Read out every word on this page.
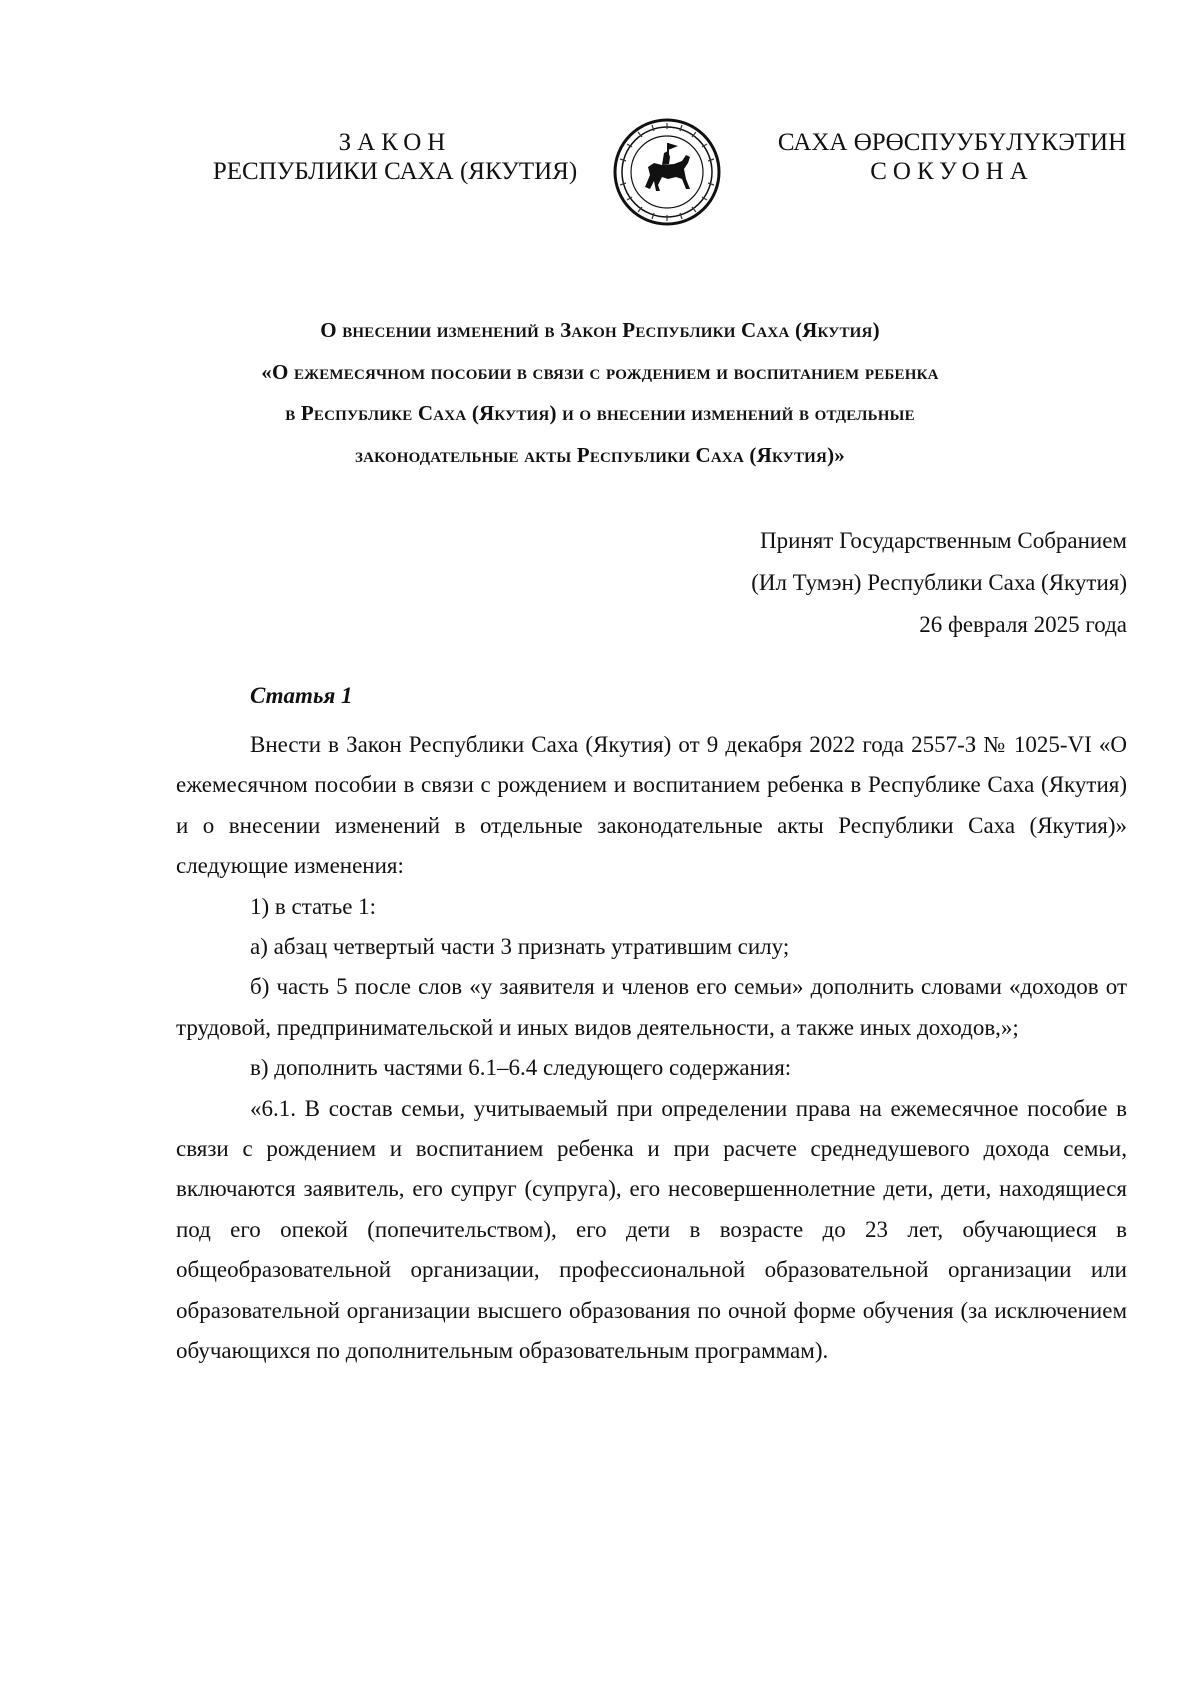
ЗАКОН
РЕСПУБЛИКИ САХА (ЯКУТИЯ)
САХА ӨРӨСПУУБҮЛҮКЭТИН
СОКУОНА
О внесении изменений в Закон Республики Саха (Якутия)
«О ежемесячном пособии в связи с рождением и воспитанием ребенка
в Республике Саха (Якутия) и о внесении изменений в отдельные
законодательные акты Республики Саха (Якутия)»
Принят Государственным Собранием
(Ил Тумэн) Республики Саха (Якутия)
26 февраля 2025 года
Статья 1

Внести в Закон Республики Саха (Якутия) от 9 декабря 2022 года 2557-З № 1025-VI «О ежемесячном пособии в связи с рождением и воспитанием ребенка в Республике Саха (Якутия) и о внесении изменений в отдельные законодательные акты Республики Саха (Якутия)» следующие изменения:

1) в статье 1:

а) абзац четвертый части 3 признать утратившим силу;

б) часть 5 после слов «у заявителя и членов его семьи» дополнить словами «доходов от трудовой, предпринимательской и иных видов деятельности, а также иных доходов,»;

в) дополнить частями 6.1–6.4 следующего содержания:

«6.1. В состав семьи, учитываемый при определении права на ежемесячное пособие в связи с рождением и воспитанием ребенка и при расчете среднедушевого дохода семьи, включаются заявитель, его супруг (супруга), его несовершеннолетние дети, дети, находящиеся под его опекой (попечительством), его дети в возрасте до 23 лет, обучающиеся в общеобразовательной организации, профессиональной образовательной организации или образовательной организации высшего образования по очной форме обучения (за исключением обучающихся по дополнительным образовательным программам).
